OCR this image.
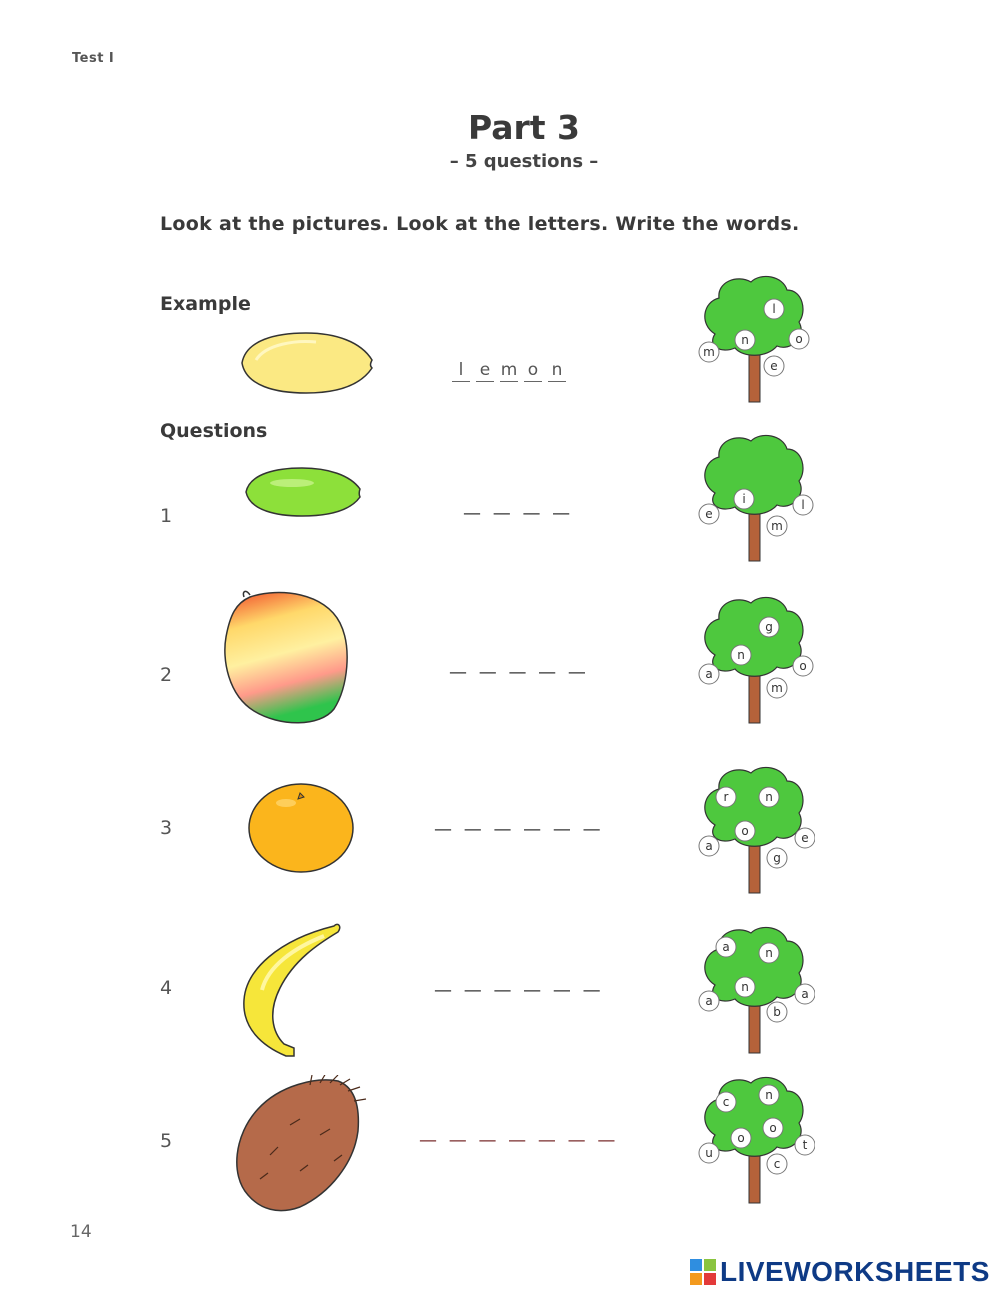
Test I
Part 3
– 5 questions –
Look at the pictures. Look at the letters. Write the words.
Example
l e m o n
l
n	o
m
e
Questions
1	— — — —	e
i	l
m
2	— — — — —
g
n
a
o
m
3	— — — — — —
r	n
o
a
e
g
4	— — — — — —
a	n
n
a	a
b
5	— — — — — — —
c	n
o
o
u
t
c
14
LIVEWORKSHEETS
